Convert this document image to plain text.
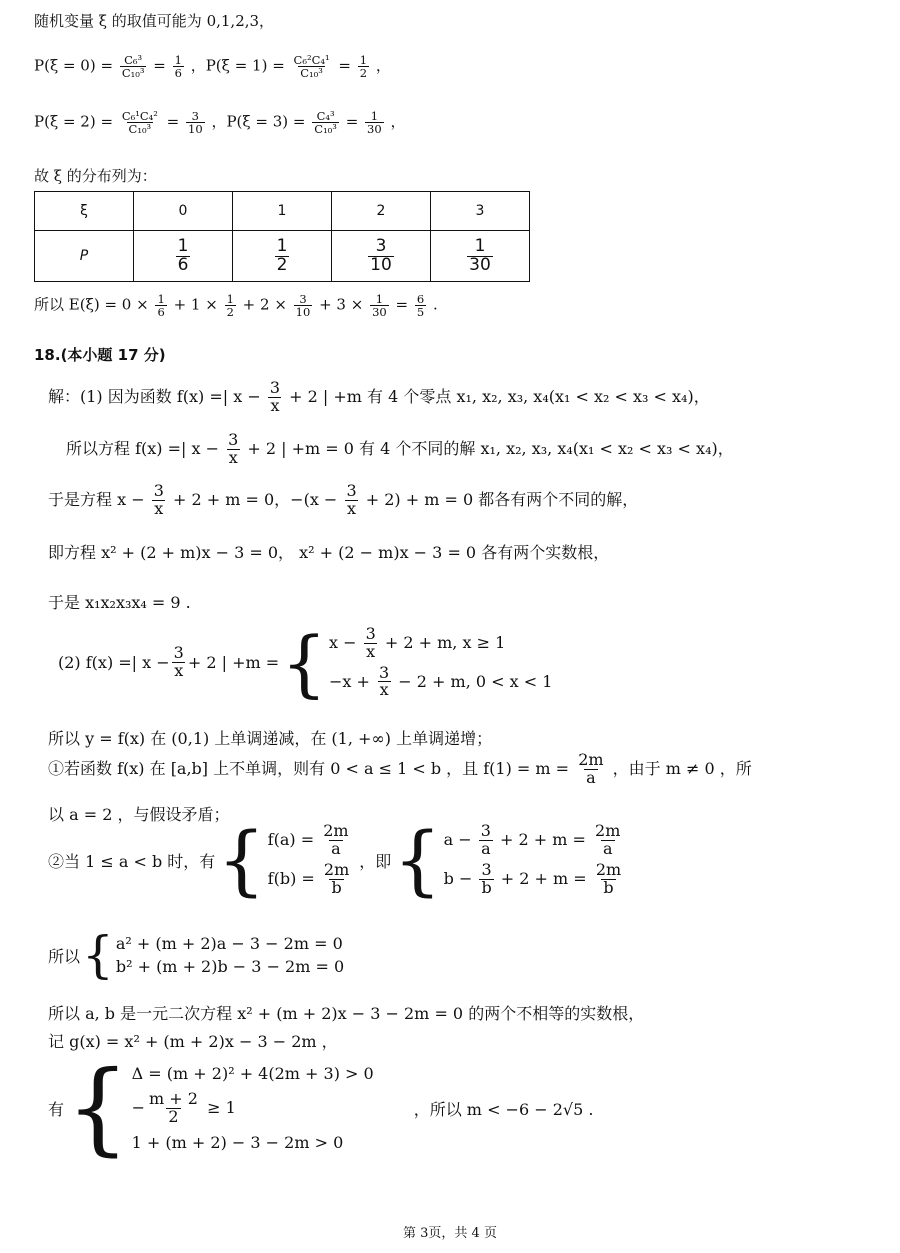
随机变量 ξ 的取值可能为 0,1,2,3，
$P(\xi = 0) = \frac{\text{C₆³}}{\text{C₁₀³}} = \frac{1}{6}$ ，$P(\xi = 1) = \frac{\text{C₆²C₄¹}}{\text{C₁₀³}} = \frac{1}{2}$ ，
$P(\xi = 2) = \frac{\text{C₆¹C₄²}}{\text{C₁₀³}} = \frac{3}{10}$ ，$P(\xi = 3) = \frac{\text{C₄³}}{\text{C₁₀³}} = \frac{1}{30}$ ，
故 ξ 的分布列为：
ξ	0	1	2	3
P	$\frac{1}{6}$	$\frac{1}{2}$	$\frac{3}{10}$	$\frac{1}{30}$
所以 $E(\xi) = 0 \times \frac{1}{6} + 1 \times \frac{1}{2} + 2 \times \frac{3}{10} + 3 \times \frac{1}{30} = \frac{6}{5}$ .
18.(本小题 17 分)
解：(1) 因为函数 f(x) =| $x - \frac{3}{x} + 2$ | +m 有 4 个零点 x₁, x₂, x₃, x₄(x₁ < x₂ < x₃ < x₄)，
所以方程 f(x) =| $x - \frac{3}{x} + 2$ | +m = 0 有 4 个不同的解 x₁, x₂, x₃, x₄(x₁ < x₂ < x₃ < x₄)，
于是方程 $x - \frac{3}{x} + 2 + m = 0$，$-(x - \frac{3}{x} + 2) + m = 0$ 都各有两个不同的解，
即方程 x² + (2 + m)x − 3 = 0， x² + (2 − m)x − 3 = 0 各有两个实数根，
于是 x₁x₂x₃x₄ = 9 .
(2) f(x) =| $x - \frac{3}{x} + 2$ | +m = { $x - \frac{3}{x} + 2 + m$, x ≥ 1
$-x + \frac{3}{x} - 2 + m$, 0 < x < 1
所以 y = f(x) 在 (0,1) 上单调递减，在 (1, +∞) 上单调递增；
①若函数 f(x) 在 [a,b] 上不单调，则有 0 < a ≤ 1 < b ，且 $f(1) = m = \frac{2m}{a}$ ，由于 m ≠ 0 ，所
以 a = 2 ，与假设矛盾；
②当 1 ≤ a < b 时，有 { $f(a) = \frac{2m}{a}$
$f(b) = \frac{2m}{b}$
，即 { $a - \frac{3}{a} + 2 + m = \frac{2m}{a}$
$b - \frac{3}{b} + 2 + m = \frac{2m}{b}$
所以 { a² + (m + 2)a − 3 − 2m = 0
b² + (m + 2)b − 3 − 2m = 0
所以 a, b 是一元二次方程 x² + (m + 2)x − 3 − 2m = 0 的两个不相等的实数根，
记 g(x) = x² + (m + 2)x − 3 − 2m ，
有 { Δ = (m + 2)² + 4(2m + 3) > 0
− $\frac{m + 2}{2} \ge 1$
1 + (m + 2) − 3 − 2m > 0
，所以 m < −6 − 2√5 .
第 3页，共 4 页
